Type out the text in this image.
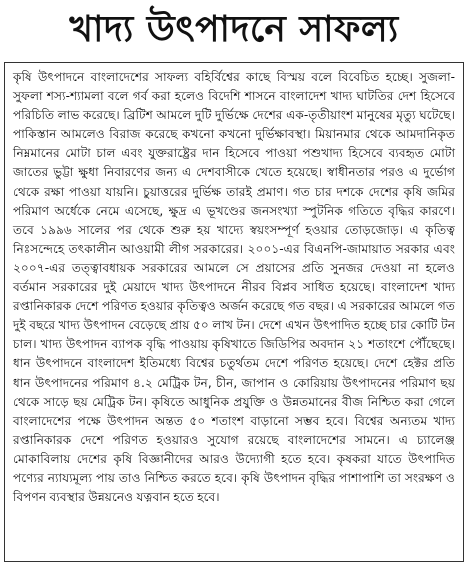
খাদ্য উৎপাদনে সাফল্য

কৃষি উৎপাদনে বাংলাদেশের সাফল্য বহির্বিশ্বের কাছে বিস্ময় বলে বিবেচিত হচ্ছে। সুজলা-সুফলা শস্য-শ্যামলা বলে গর্ব করা হলেও বিদেশি শাসনে বাংলাদেশ খাদ্য ঘাটতির দেশ হিসেবে পরিচিতি লাভ করেছে। ব্রিটিশ আমলে দুটি দুর্ভিক্ষে দেশের এক-তৃতীয়াংশ মানুষের মৃত্যু ঘটেছে। পাকিস্তান আমলেও বিরাজ করেছে কখনো কখনো দুর্ভিক্ষাবস্থা। মিয়ানমার থেকে আমদানিকৃত নিম্নমানের মোটা চাল এবং যুক্তরাষ্ট্রের দান হিসেবে পাওয়া পশুখাদ্য হিসেবে ব্যবহৃত মোটা জাতের ভুট্টা ক্ষুধা নিবারণের জন্য এ দেশবাসীকে খেতে হয়েছে। স্বাধীনতার পরও এ দুর্ভোগ থেকে রক্ষা পাওয়া যায়নি। চুয়াত্তরের দুর্ভিক্ষ তারই প্রমাণ। গত চার দশকে দেশের কৃষি জমির পরিমাণ অর্ধেকে নেমে এসেছে, ক্ষুদ্র এ ভূখণ্ডের জনসংখ্যা স্পুটনিক গতিতে বৃদ্ধির কারণে। তবে ১৯৯৬ সালের পর থেকে শুরু হয় খাদ্যে স্বয়ংসম্পূর্ণ হওয়ার তোড়জোড়। এ কৃতিত্ব নিঃসন্দেহে তৎকালীন আওয়ামী লীগ সরকারের। ২০০১-এর বিএনপি-জামায়াত সরকার এবং ২০০৭-এর তত্ত্বাবধায়ক সরকারের আমলে সে প্রয়াসের প্রতি সুনজর দেওয়া না হলেও বর্তমান সরকারের দুই মেয়াদে খাদ্য উৎপাদনে নীরব বিপ্লব সাধিত হয়েছে। বাংলাদেশ খাদ্য রপ্তানিকারক দেশে পরিণত হওয়ার কৃতিত্বও অর্জন করেছে গত বছর। এ সরকারের আমলে গত দুই বছরে খাদ্য উৎপাদন বেড়েছে প্রায় ৫০ লাখ টন। দেশে এখন উৎপাদিত হচ্ছে চার কোটি টন চাল। খাদ্য উৎপাদন ব্যাপক বৃদ্ধি পাওয়ায় কৃষিখাতে জিডিপির অবদান ২১ শতাংশে পৌঁছেছে। ধান উৎপাদনে বাংলাদেশ ইতিমধ্যে বিশ্বের চতুর্থতম দেশে পরিণত হয়েছে। দেশে হেক্টর প্রতি ধান উৎপাদনের পরিমাণ ৪.২ মেট্রিক টন, চীন, জাপান ও কোরিয়ায় উৎপাদনের পরিমাণ ছয় থেকে সাড়ে ছয় মেট্রিক টন। কৃষিতে আধুনিক প্রযুক্তি ও উন্নতমানের বীজ নিশ্চিত করা গেলে বাংলাদেশের পক্ষে উৎপাদন অন্তত ৫০ শতাংশ বাড়ানো সম্ভব হবে। বিশ্বের অন্যতম খাদ্য রপ্তানিকারক দেশে পরিণত হওয়ারও সুযোগ রয়েছে বাংলাদেশের সামনে। এ চ্যালেঞ্জ মোকাবিলায় দেশের কৃষি বিজ্ঞানীদের আরও উদ্যোগী হতে হবে। কৃষকরা যাতে উৎপাদিত পণ্যের ন্যায্যমূল্য পায় তাও নিশ্চিত করতে হবে। কৃষি উৎপাদন বৃদ্ধির পাশাপাশি তা সংরক্ষণ ও বিপণন ব্যবস্থার উন্নয়নেও যত্নবান হতে হবে।
